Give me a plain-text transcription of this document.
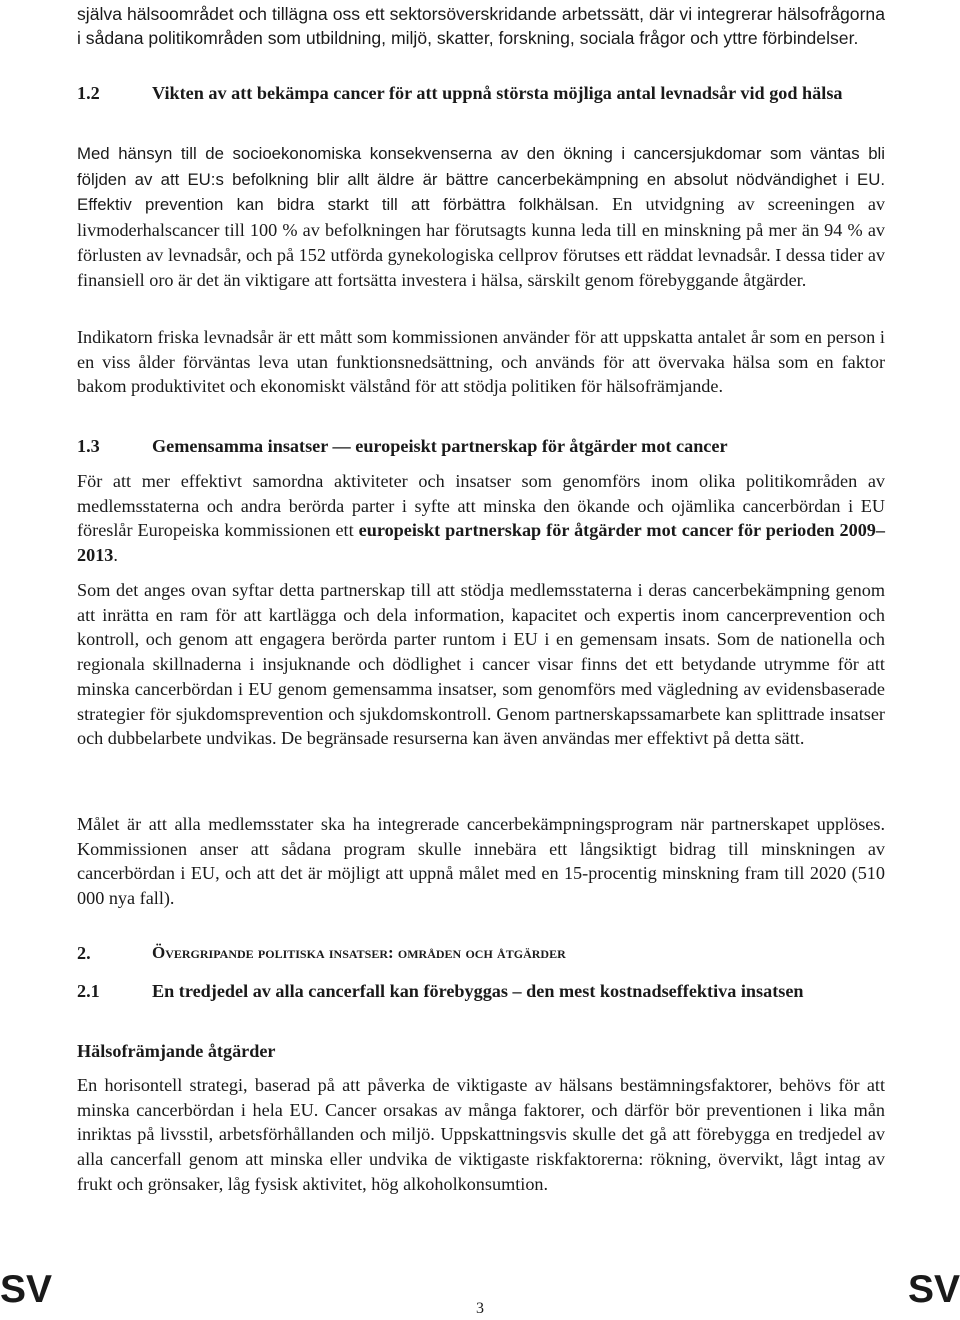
själva hälsoområdet och tillägna oss ett sektorsöverskridande arbetssätt, där vi integrerar hälsofrågorna i sådana politikområden som utbildning, miljö, skatter, forskning, sociala frågor och yttre förbindelser.

1.2	Vikten av att bekämpa cancer för att uppnå största möjliga antal levnadsår vid god hälsa

Med hänsyn till de socioekonomiska konsekvenserna av den ökning i cancersjukdomar som väntas bli följden av att EU:s befolkning blir allt äldre är bättre cancerbekämpning en absolut nödvändighet i EU. Effektiv prevention kan bidra starkt till att förbättra folkhälsan. En utvidgning av screeningen av livmoderhalscancer till 100 % av befolkningen har förutsagts kunna leda till en minskning på mer än 94 % av förlusten av levnadsår, och på 152 utförda gynekologiska cellprov förutses ett räddat levnadsår. I dessa tider av finansiell oro är det än viktigare att fortsätta investera i hälsa, särskilt genom förebyggande åtgärder.

Indikatorn friska levnadsår är ett mått som kommissionen använder för att uppskatta antalet år som en person i en viss ålder förväntas leva utan funktionsnedsättning, och används för att övervaka hälsa som en faktor bakom produktivitet och ekonomiskt välstånd för att stödja politiken för hälsofrämjande.

1.3	Gemensamma insatser — europeiskt partnerskap för åtgärder mot cancer

För att mer effektivt samordna aktiviteter och insatser som genomförs inom olika politikområden av medlemsstaterna och andra berörda parter i syfte att minska den ökande och ojämlika cancerbördan i EU föreslår Europeiska kommissionen ett europeiskt partnerskap för åtgärder mot cancer för perioden 2009–2013.

Som det anges ovan syftar detta partnerskap till att stödja medlemsstaterna i deras cancerbekämpning genom att inrätta en ram för att kartlägga och dela information, kapacitet och expertis inom cancerprevention och kontroll, och genom att engagera berörda parter runtom i EU i en gemensam insats. Som de nationella och regionala skillnaderna i insjuknande och dödlighet i cancer visar finns det ett betydande utrymme för att minska cancerbördan i EU genom gemensamma insatser, som genomförs med vägledning av evidensbaserade strategier för sjukdomsprevention och sjukdomskontroll. Genom partnerskapssamarbete kan splittrade insatser och dubbelarbete undvikas. De begränsade resurserna kan även användas mer effektivt på detta sätt.

Målet är att alla medlemsstater ska ha integrerade cancerbekämpningsprogram när partnerskapet upplöses. Kommissionen anser att sådana program skulle innebära ett långsiktigt bidrag till minskningen av cancerbördan i EU, och att det är möjligt att uppnå målet med en 15-procentig minskning fram till 2020 (510 000 nya fall).

2.	Övergripande politiska insatser: områden och åtgärder
2.1	En tredjedel av alla cancerfall kan förebyggas – den mest kostnadseffektiva insatsen

Hälsofrämjande åtgärder

En horisontell strategi, baserad på att påverka de viktigaste av hälsans bestämningsfaktorer, behövs för att minska cancerbördan i hela EU. Cancer orsakas av många faktorer, och därför bör preventionen i lika mån inriktas på livsstil, arbetsförhållanden och miljö. Uppskattningsvis skulle det gå att förebygga en tredjedel av alla cancerfall genom att minska eller undvika de viktigaste riskfaktorerna: rökning, övervikt, lågt intag av frukt och grönsaker, låg fysisk aktivitet, hög alkoholkonsumtion.

SV	3	SV
